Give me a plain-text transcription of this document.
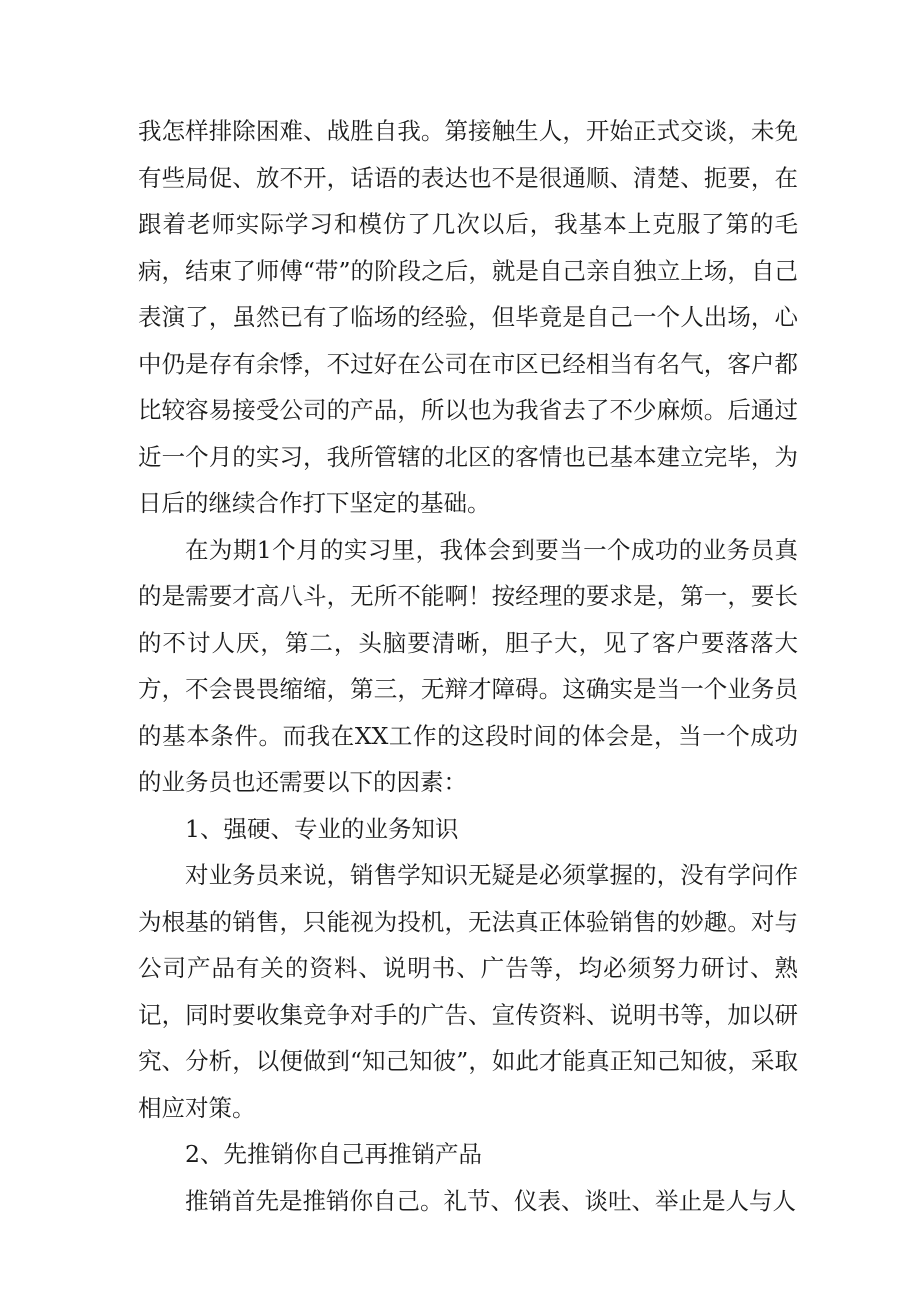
我怎样排除困难、战胜自我。第接触生人，开始正式交谈，未免有些局促、放不开，话语的表达也不是很通顺、清楚、扼要，在跟着老师实际学习和模仿了几次以后，我基本上克服了第的毛病，结束了师傅“带”的阶段之后，就是自己亲自独立上场，自己表演了，虽然已有了临场的经验，但毕竟是自己一个人出场，心中仍是存有余悸，不过好在公司在市区已经相当有名气，客户都比较容易接受公司的产品，所以也为我省去了不少麻烦。后通过近一个月的实习，我所管辖的北区的客情也已基本建立完毕，为日后的继续合作打下坚定的基础。

在为期1个月的实习里，我体会到要当一个成功的业务员真的是需要才高八斗，无所不能啊！按经理的要求是，第一，要长的不讨人厌，第二，头脑要清晰，胆子大，见了客户要落落大方，不会畏畏缩缩，第三，无辩才障碍。这确实是当一个业务员的基本条件。而我在XX工作的这段时间的体会是，当一个成功的业务员也还需要以下的因素：

1、强硬、专业的业务知识

对业务员来说，销售学知识无疑是必须掌握的，没有学问作为根基的销售，只能视为投机，无法真正体验销售的妙趣。对与公司产品有关的资料、说明书、广告等，均必须努力研讨、熟记，同时要收集竞争对手的广告、宣传资料、说明书等，加以研究、分析，以便做到“知己知彼”，如此才能真正知己知彼，采取相应对策。

2、先推销你自己再推销产品

推销首先是推销你自己。礼节、仪表、谈吐、举止是人与人
